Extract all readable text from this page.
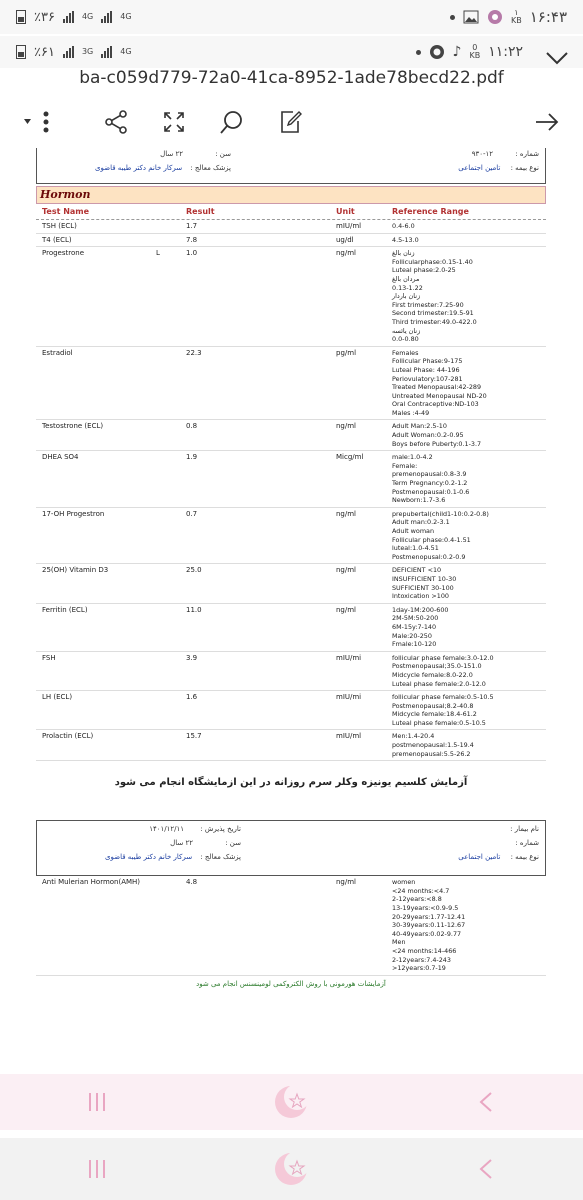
٪۳۶	4G	4G	۱
KB ۱۶:۴۳
٪۶۱	3G	4G	♪ 0
KB ۱۱:۲۲
ba-c059d779-72a0-41ca-8952-1ade78becd22.pdf
سن : ۲۲ سال
پزشک معالج : سرکار خانم دکتر طیبه قاضوی
شماره : ۱۲-۹۳۰
نوع بیمه : تامین اجتماعی
Hormon
Test Name	Result	Unit	Reference Range
TSH (ECL)	1.7	mIU/ml	0.4-6.0
T4 (ECL)	7.8	ug/dl	4.5-13.0
Progestrone	L	1.0	ng/ml	زنان بالغ
Follicularphase:0.15-1.40
Luteal phase:2.0-25
مردان بالغ
0.13-1.22
زنان باردار
First trimester:7.25-90
Second trimester:19.5-91
Third trimester:49.0-422.0
زنان یائسه
0.0-0.80
Estradiol	22.3	pg/ml	Females
Follicular Phase:9-175
Luteal Phase: 44-196
Periovulatory:107-281
Treated Menopausal:42-289
Untreated Menopausal ND-20
Oral Contraceptive:ND-103
Males :4-49
Testostrone (ECL)	0.8	ng/ml	Adult Man:2.5-10
Adult Woman:0.2-0.95
Boys before Puberty:0.1-3.7
DHEA SO4	1.9	Micg/ml	male:1.0-4.2
Female:
premenopausal:0.8-3.9
Term Pregnancy:0.2-1.2
Postmenopausal:0.1-0.6
Newborn:1.7-3.6
17-OH Progestron	0.7	ng/ml	prepubertal(child1-10:0.2-0.8)
Adult man:0.2-3.1
Adult woman
Follicular phase:0.4-1.51
luteal:1.0-4.51
Postmenopusal:0.2-0.9
25(OH) Vitamin D3	25.0	ng/ml	DEFICIENT <10
INSUFFICIENT 10-30
SUFFICIENT 30-100
Intoxication >100
Ferritin (ECL)	11.0	ng/ml	1day-1M:200-600
2M-5M:50-200
6M-15y:7-140
Male:20-250
Fmale:10-120
FSH	3.9	mIU/mi	follicular phase female:3.0-12.0
Postmenopausal;35.0-151.0
Midcycle female:8.0-22.0
Luteal phase female:2.0-12.0
LH (ECL)	1.6	mIU/mi	follicular phase female:0.5-10.5
Postmenopausal;8.2-40.8
Midcycle female:18.4-61.2
Luteal phase female:0.5-10.5
Prolactin (ECL)	15.7	mIU/ml	Men:1.4-20.4
postmenopausal:1.5-19.4
premenopausal:5.5-26.2
آزمایش کلسیم یونیزه وکلر سرم روزانه در این ازمایشگاه انجام می شود
تاریخ پذیرش : ۱۴۰۱/۱۲/۱۱
سن : ۲۲ سال
پزشک معالج : سرکار خانم دکتر طیبه قاضوی
نام بیمار :
شماره :
نوع بیمه : تامین اجتماعی
Anti Mulerian Hormon(AMH)	4.8	ng/ml	women
<24 months:<4.7
2-12years:<8.8
13-19years:<0.9-9.5
20-29years:1.77-12.41
30-39years:0.11-12.67
40-49years:0.02-9.77
Men
<24 months:14-466
2-12years:7.4-243
>12years:0.7-19
آزمایشات هورمونی با روش الکتروکمی لومینسنس انجام می شود
